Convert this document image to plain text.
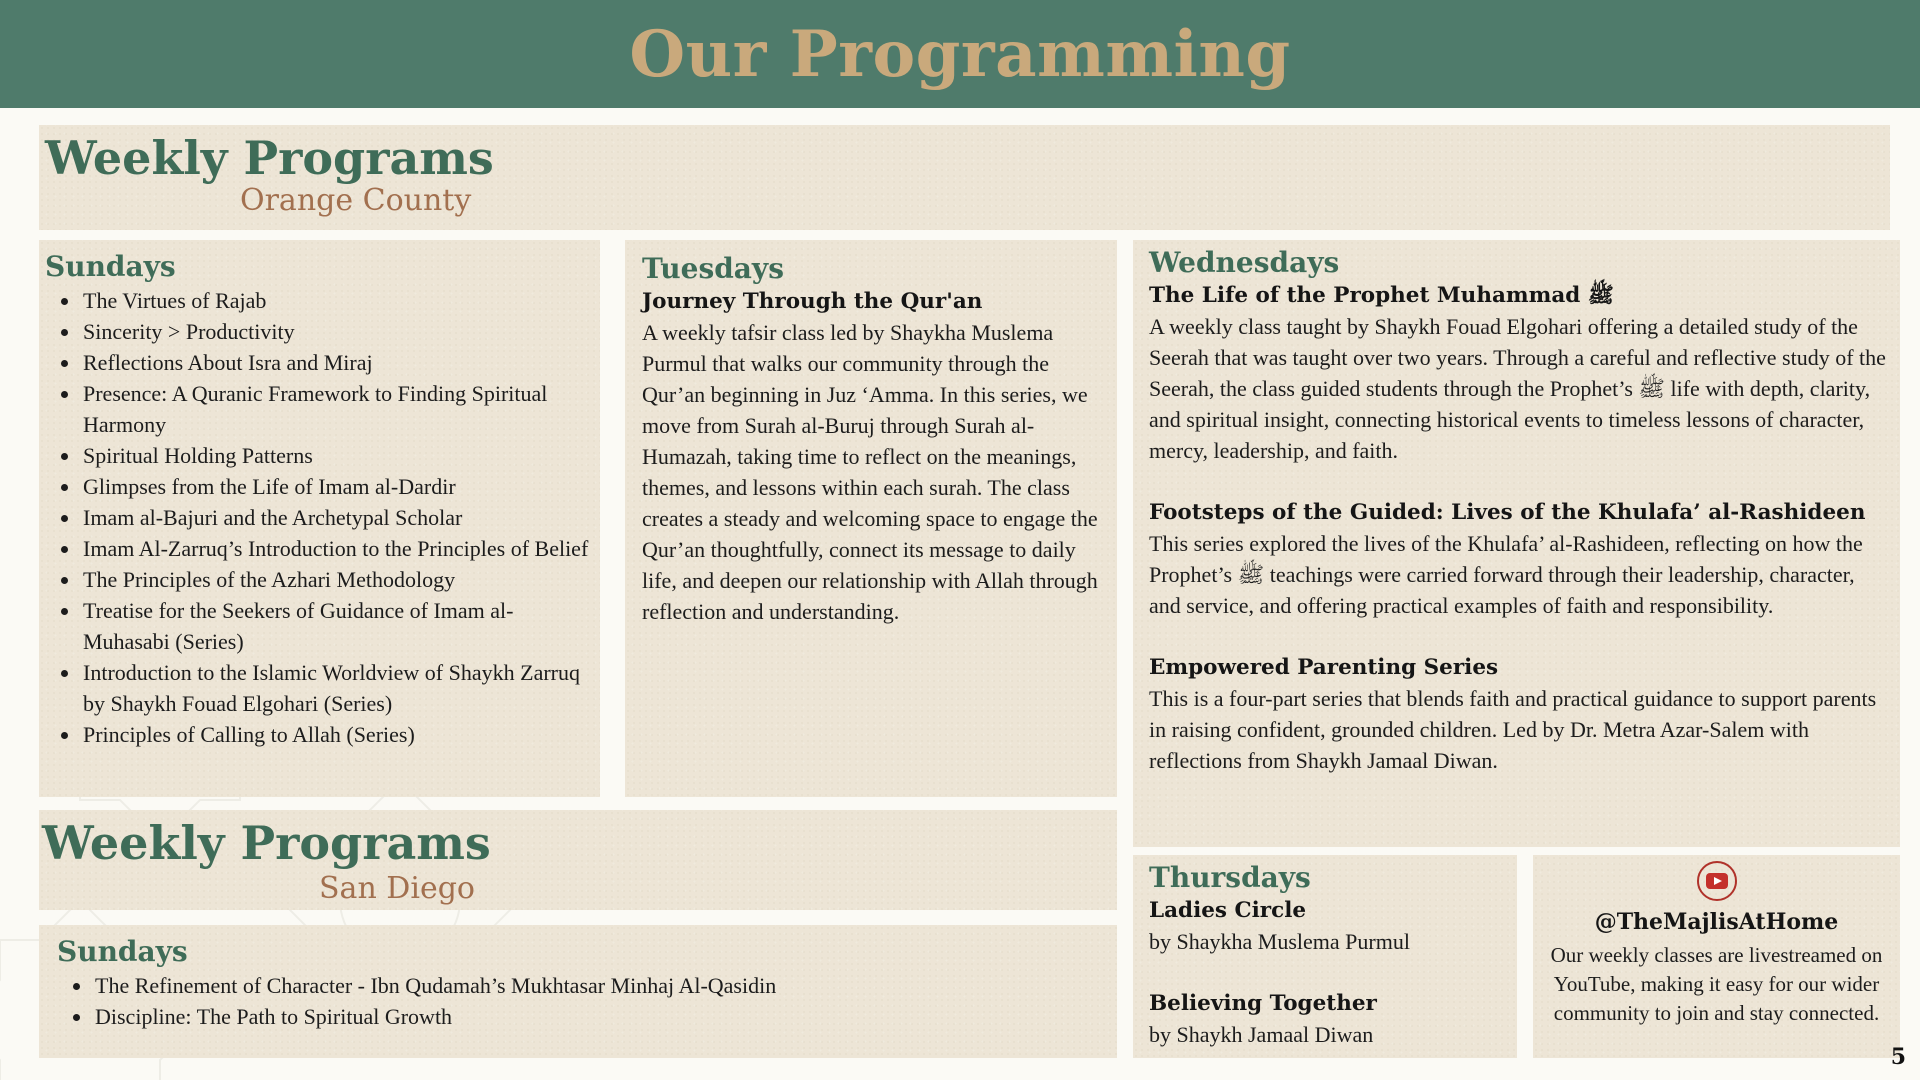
Our Programming
Weekly Programs
Orange County
Sundays
The Virtues of Rajab
Sincerity > Productivity
Reflections About Isra and Miraj
Presence: A Quranic Framework to Finding Spiritual Harmony
Spiritual Holding Patterns
Glimpses from the Life of Imam al-Dardir
Imam al-Bajuri and the Archetypal Scholar
Imam Al-Zarruq’s Introduction to the Principles of Belief
The Principles of the Azhari Methodology
Treatise for the Seekers of Guidance of Imam al-Muhasabi (Series)
Introduction to the Islamic Worldview of Shaykh Zarruq by Shaykh Fouad Elgohari (Series)
Principles of Calling to Allah (Series)
Tuesdays
Journey Through the Qur'an
A weekly tafsir class led by Shaykha Muslema Purmul that walks our community through the Qur’an beginning in Juz ‘Amma. In this series, we move from Surah al-Buruj through Surah al-Humazah, taking time to reflect on the meanings, themes, and lessons within each surah. The class creates a steady and welcoming space to engage the Qur’an thoughtfully, connect its message to daily life, and deepen our relationship with Allah through reflection and understanding.
Wednesdays
The Life of the Prophet Muhammad ﷺ
A weekly class taught by Shaykh Fouad Elgohari offering a detailed study of the Seerah that was taught over two years. Through a careful and reflective study of the Seerah, the class guided students through the Prophet’s ﷺ life with depth, clarity, and spiritual insight, connecting historical events to timeless lessons of character, mercy, leadership, and faith.
Footsteps of the Guided: Lives of the Khulafa’ al-Rashideen
This series explored the lives of the Khulafa’ al-Rashideen, reflecting on how the Prophet’s ﷺ teachings were carried forward through their leadership, character, and service, and offering practical examples of faith and responsibility.
Empowered Parenting Series
This is a four-part series that blends faith and practical guidance to support parents in raising confident, grounded children. Led by Dr. Metra Azar-Salem with reflections from Shaykh Jamaal Diwan.
Weekly Programs
San Diego
Sundays
The Refinement of Character - Ibn Qudamah’s Mukhtasar Minhaj Al-Qasidin
Discipline: The Path to Spiritual Growth
Thursdays
Ladies Circle
by Shaykha Muslema Purmul
Believing Together
by Shaykh Jamaal Diwan
@TheMajlisAtHome
Our weekly classes are livestreamed on YouTube, making it easy for our wider community to join and stay connected.
5
